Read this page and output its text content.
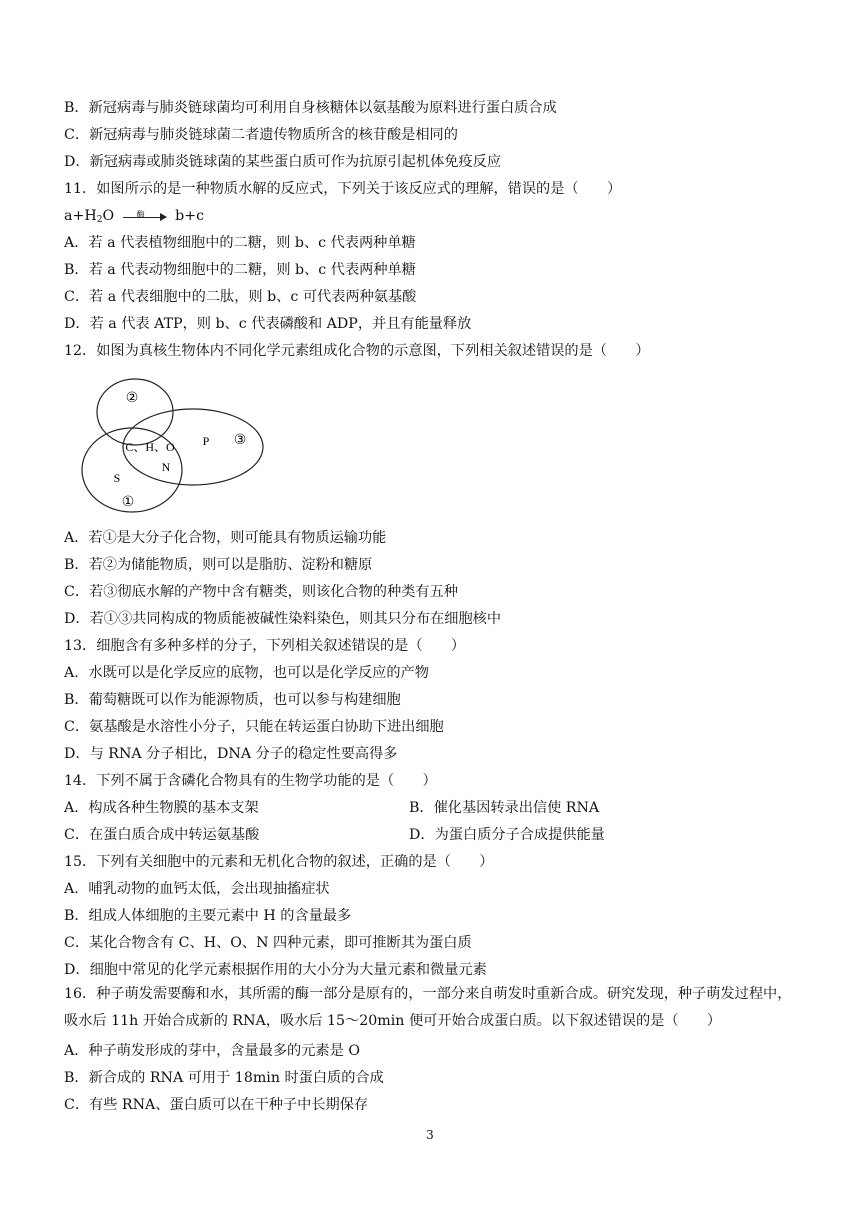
B．新冠病毒与肺炎链球菌均可利用自身核糖体以氨基酸为原料进行蛋白质合成
C．新冠病毒与肺炎链球菌二者遗传物质所含的核苷酸是相同的
D．新冠病毒或肺炎链球菌的某些蛋白质可作为抗原引起机体免疫反应
11．如图所示的是一种物质水解的反应式，下列关于该反应式的理解，错误的是（　　）
$a+H_2O$	酶 b+c
A．若 a 代表植物细胞中的二糖，则 b、c 代表两种单糖
B．若 a 代表动物细胞中的二糖，则 b、c 代表两种单糖
C．若 a 代表细胞中的二肽，则 b、c 可代表两种氨基酸
D．若 a 代表 ATP，则 b、c 代表磷酸和 ADP，并且有能量释放
12．如图为真核生物体内不同化学元素组成化合物的示意图，下列相关叙述错误的是（　　）
②
③
①
C、H、O
N
P
S
A．若①是大分子化合物，则可能具有物质运输功能
B．若②为储能物质，则可以是脂肪、淀粉和糖原
C．若③彻底水解的产物中含有糖类，则该化合物的种类有五种
D．若①③共同构成的物质能被碱性染料染色，则其只分布在细胞核中
13．细胞含有多种多样的分子，下列相关叙述错误的是（　　）
A．水既可以是化学反应的底物，也可以是化学反应的产物
B．葡萄糖既可以作为能源物质，也可以参与构建细胞
C．氨基酸是水溶性小分子，只能在转运蛋白协助下进出细胞
D．与 RNA 分子相比，DNA 分子的稳定性要高得多
14．下列不属于含磷化合物具有的生物学功能的是（　　）
A．构成各种生物膜的基本支架	B．催化基因转录出信使 RNA
C．在蛋白质合成中转运氨基酸	D．为蛋白质分子合成提供能量
15．下列有关细胞中的元素和无机化合物的叙述，正确的是（　　）
A．哺乳动物的血钙太低，会出现抽搐症状
B．组成人体细胞的主要元素中 H 的含量最多
C．某化合物含有 C、H、O、N 四种元素，即可推断其为蛋白质
D．细胞中常见的化学元素根据作用的大小分为大量元素和微量元素
16．种子萌发需要酶和水，其所需的酶一部分是原有的，一部分来自萌发时重新合成。研究发现，种子萌发过程中，吸水后 11h 开始合成新的 RNA，吸水后 15～20min 便可开始合成蛋白质。以下叙述错误的是（　　）
A．种子萌发形成的芽中，含量最多的元素是 O
B．新合成的 RNA 可用于 18min 时蛋白质的合成
C．有些 RNA、蛋白质可以在干种子中长期保存
3
